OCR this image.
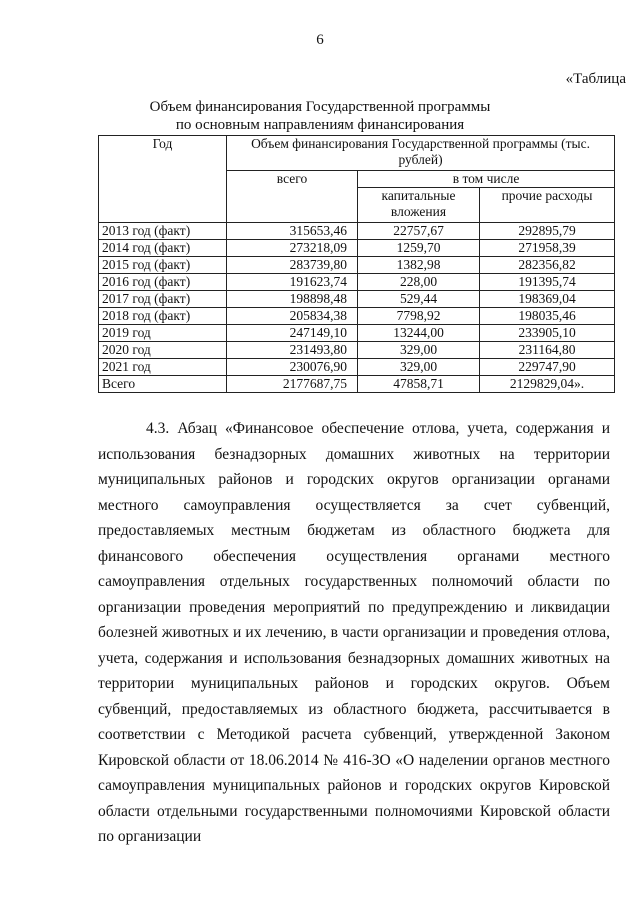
6
«Таблица
Объем финансирования Государственной программы
по основным направлениям финансирования
Год	Объем финансирования Государственной программы (тыс. рублей)		
	всего	в том числе	
		капитальные вложения	прочие расходы
2013 год (факт)	315653,46	22757,67	292895,79
2014 год (факт)	273218,09	1259,70	271958,39
2015 год (факт)	283739,80	1382,98	282356,82
2016 год (факт)	191623,74	228,00	191395,74
2017 год (факт)	198898,48	529,44	198369,04
2018 год (факт)	205834,38	7798,92	198035,46
2019 год	247149,10	13244,00	233905,10
2020 год	231493,80	329,00	231164,80
2021 год	230076,90	329,00	229747,90
Всего	2177687,75	47858,71	2129829,04».

4.3. Абзац «Финансовое обеспечение отлова, учета, содержания и использования безнадзорных домашних животных на территории муниципальных районов и городских округов организации органами местного самоуправления осуществляется за счет субвенций, предоставляемых местным бюджетам из областного бюджета для финансового обеспечения осуществления органами местного самоуправления отдельных государственных полномочий области по организации проведения мероприятий по предупреждению и ликвидации болезней животных и их лечению, в части организации и проведения отлова, учета, содержания и использования безнадзорных домашних животных на территории муниципальных районов и городских округов. Объем субвенций, предоставляемых из областного бюджета, рассчитывается в соответствии с Методикой расчета субвенций, утвержденной Законом Кировской области от 18.06.2014 № 416-ЗО «О наделении органов местного самоуправления муниципальных районов и городских округов Кировской области отдельными государственными полномочиями Кировской области по организации
